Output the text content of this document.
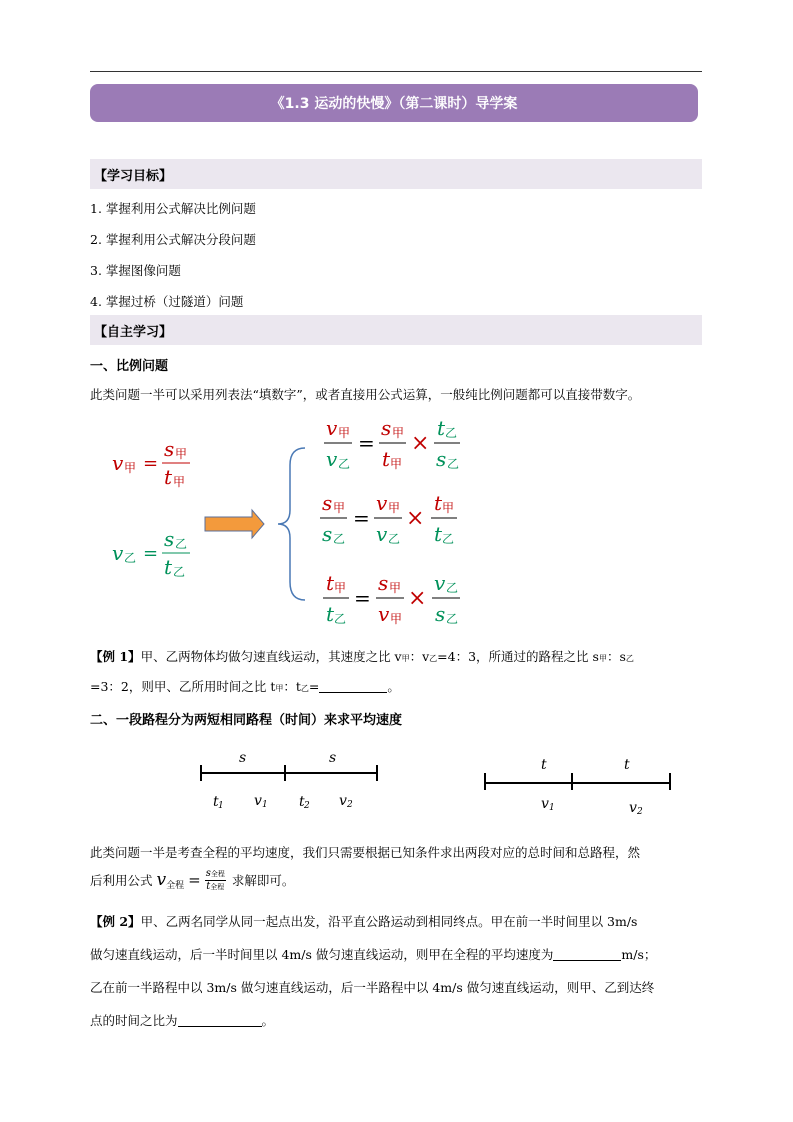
《1.3 运动的快慢》（第二课时）导学案
【学习目标】
1. 掌握利用公式解决比例问题
2. 掌握利用公式解决分段问题
3. 掌握图像问题
4. 掌握过桥（过隧道）问题
【自主学习】
一、比例问题
此类问题一半可以采用列表法“填数字”，或者直接用公式运算，一般纯比例问题都可以直接带数字。
v 甲 =
s 甲
t 甲
v 乙 =
s 乙
t 乙
v 甲
v 乙
=
s 甲
t 甲
×
t 乙
s 乙
s 甲
s 乙
=
v 甲
v 乙
×
t 甲
t 乙
t 甲
t 乙
=
s 甲
v 甲
×
v 乙
s 乙
【例 1】甲、乙两物体均做匀速直线运动，其速度之比 v甲：v乙=4：3，所通过的路程之比 s甲：s乙
=3：2，则甲、乙所用时间之比 t甲：t乙=	。
二、一段路程分为两短相同路程（时间）来求平均速度
s	s
t 1 v 1 t 2 v 2
t	t
v 1	v 2
此类问题一半是考查全程的平均速度，我们只需要根据已知条件求出两段对应的总时间和总路程，然
后利用公式 v 全程 = s全程
t全程 求解即可。
【例 2】甲、乙两名同学从同一起点出发，沿平直公路运动到相同终点。甲在前一半时间里以 3m/s
做匀速直线运动，后一半时间里以 4m/s 做匀速直线运动，则甲在全程的平均速度为	m/s；
乙在前一半路程中以 3m/s 做匀速直线运动，后一半路程中以 4m/s 做匀速直线运动，则甲、乙到达终
点的时间之比为	。
